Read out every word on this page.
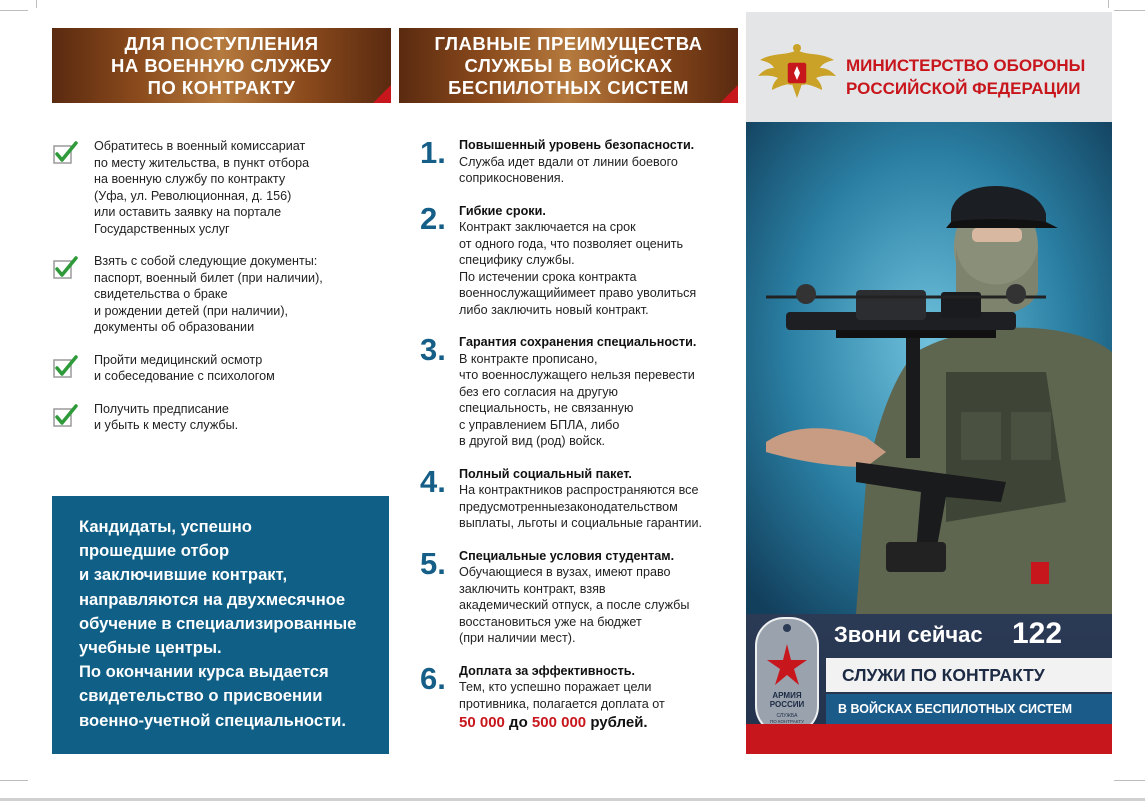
ДЛЯ ПОСТУПЛЕНИЯ
НА ВОЕННУЮ СЛУЖБУ
ПО КОНТРАКТУ
Обратитесь в военный комиссариат
по месту жительства, в пункт отбора
на военную службу по контракту
(Уфа, ул. Революционная, д. 156)
или оставить заявку на портале
Государственных услуг
Взять с собой следующие документы:
паспорт, военный билет (при наличии),
свидетельства о браке
и рождении детей (при наличии),
документы об образовании
Пройти медицинский осмотр
и собеседование с психологом
Получить предписание
и убыть к месту службы.
Кандидаты, успешно
прошедшие отбор
и заключившие контракт,
направляются на двухмесячное
обучение в специализированные
учебные центры.
По окончании курса выдается
свидетельство о присвоении
военно-учетной специальности.
ГЛАВНЫЕ ПРЕИМУЩЕСТВА
СЛУЖБЫ В ВОЙСКАХ
БЕСПИЛОТНЫХ СИСТЕМ
1. Повышенный уровень безопасности.
Служба идет вдали от линии боевого
соприкосновения.
2. Гибкие сроки.
Контракт заключается на срок
от одного года, что позволяет оценить
специфику службы.
По истечении срока контракта
военнослужащийимеет право уволиться
либо заключить новый контракт.
3. Гарантия сохранения специальности.
В контракте прописано,
что военнослужащего нельзя перевести
без его согласия на другую
специальность, не связанную
с управлением БПЛА, либо
в другой вид (род) войск.
4. Полный социальный пакет.
На контрактников распространяются все
предусмотренныезаконодательством
выплаты, льготы и социальные гарантии.
5. Специальные условия студентам.
Обучающиеся в вузах, имеют право
заключить контракт, взяв
академический отпуск, а после службы
восстановиться уже на бюджет
(при наличии мест).
6. Доплата за эффективность.
Тем, кто успешно поражает цели
противника, полагается доплата от
50 000 до 500 000 рублей.
МИНИСТЕРСТВО ОБОРОНЫ
РОССИЙСКОЙ ФЕДЕРАЦИИ
АРМИЯ
РОССИИ
СЛУЖБА
ПО КОНТРАКТУ
Звони сейчас 122
СЛУЖИ ПО КОНТРАКТУ
В ВОЙСКАХ БЕСПИЛОТНЫХ СИСТЕМ
